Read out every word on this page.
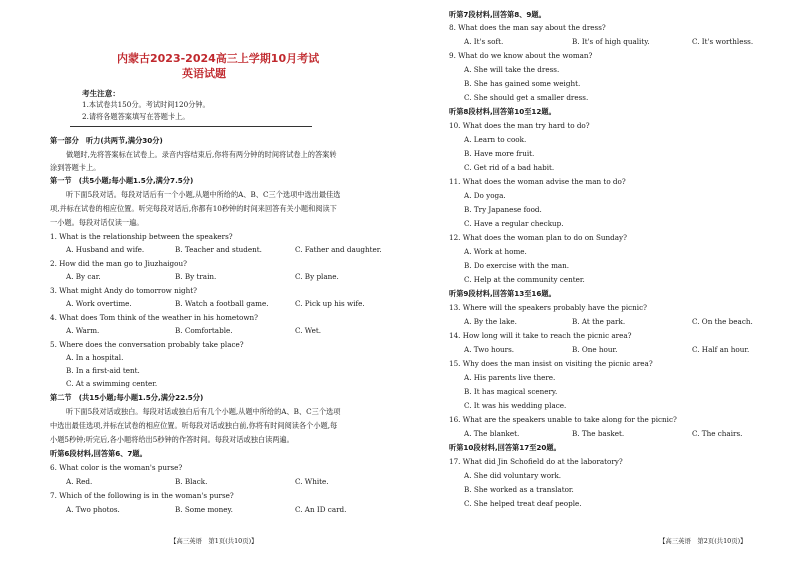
内蒙古2023-2024高三上学期10月考试
英语试题
考生注意：
1.本试卷共150分。考试时间120分钟。
2.请将各题答案填写在答题卡上。
第一部分　听力(共两节,满分30分)
做题时,先将答案标在试卷上。录音内容结束后,你将有两分钟的时间将试卷上的答案转
涂到答题卡上。
第一节　(共5小题;每小题1.5分,满分7.5分)
听下面5段对话。每段对话后有一个小题,从题中所给的A、B、C三个选项中选出最佳选
项,并标在试卷的相应位置。听完每段对话后,你都有10秒钟的时间来回答有关小题和阅读下
一小题。每段对话仅读一遍。
1. What is the relationship between the speakers?
A. Husband and wife.	B. Teacher and student.	C. Father and daughter.
2. How did the man go to Jiuzhaigou?
A. By car.	B. By train.	C. By plane.
3. What might Andy do tomorrow night?
A. Work overtime.	B. Watch a football game.	C. Pick up his wife.
4. What does Tom think of the weather in his hometown?
A. Warm.	B. Comfortable.	C. Wet.
5. Where does the conversation probably take place?
A. In a hospital.
B. In a first-aid tent.
C. At a swimming center.
第二节　(共15小题;每小题1.5分,满分22.5分)
听下面5段对话或独白。每段对话或独白后有几个小题,从题中所给的A、B、C三个选项
中选出最佳选项,并标在试卷的相应位置。听每段对话或独白前,你将有时间阅读各个小题,每
小题5秒钟;听完后,各小题将给出5秒钟的作答时间。每段对话或独白读两遍。
听第6段材料,回答第6、7题。
6. What color is the woman's purse?
A. Red.	B. Black.	C. White.
7. Which of the following is in the woman's purse?
A. Two photos.	B. Some money.	C. An ID card.
【高三英语　第1页(共10页)】
听第7段材料,回答第8、9题。
8. What does the man say about the dress?
A. It's soft.	B. It's of high quality.	C. It's worthless.
9. What do we know about the woman?
A. She will take the dress.
B. She has gained some weight.
C. She should get a smaller dress.
听第8段材料,回答第10至12题。
10. What does the man try hard to do?
A. Learn to cook.
B. Have more fruit.
C. Get rid of a bad habit.
11. What does the woman advise the man to do?
A. Do yoga.
B. Try Japanese food.
C. Have a regular checkup.
12. What does the woman plan to do on Sunday?
A. Work at home.
B. Do exercise with the man.
C. Help at the community center.
听第9段材料,回答第13至16题。
13. Where will the speakers probably have the picnic?
A. By the lake.	B. At the park.	C. On the beach.
14. How long will it take to reach the picnic area?
A. Two hours.	B. One hour.	C. Half an hour.
15. Why does the man insist on visiting the picnic area?
A. His parents live there.
B. It has magical scenery.
C. It was his wedding place.
16. What are the speakers unable to take along for the picnic?
A. The blanket.	B. The basket.	C. The chairs.
听第10段材料,回答第17至20题。
17. What did Jin Schofield do at the laboratory?
A. She did voluntary work.
B. She worked as a translator.
C. She helped treat deaf people.
【高三英语　第2页(共10页)】
